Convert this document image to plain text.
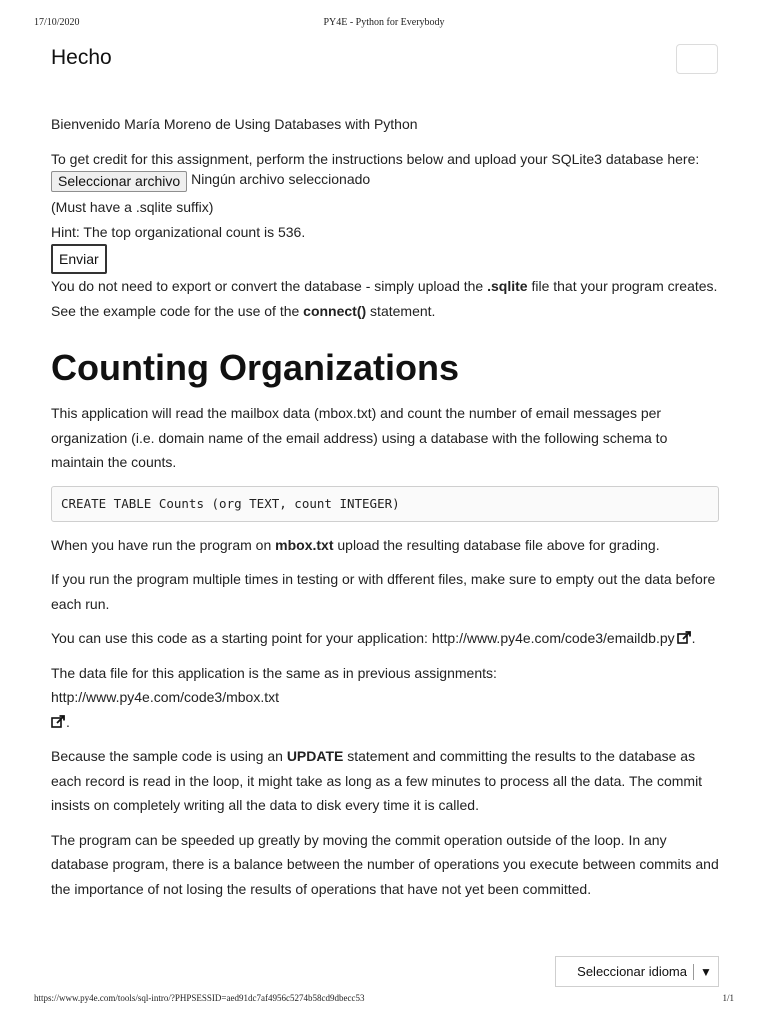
17/10/2020	PY4E - Python for Everybody
Hecho

Bienvenido María Moreno de Using Databases with Python

To get credit for this assignment, perform the instructions below and upload your SQLite3 database here:

Seleccionar archivo Ningún archivo seleccionado

(Must have a .sqlite suffix)

Hint: The top organizational count is 536.

Enviar

You do not need to export or convert the database - simply upload the .sqlite file that your program creates.

See the example code for the use of the connect() statement.

Counting Organizations

This application will read the mailbox data (mbox.txt) and count the number of email messages per organization (i.e. domain name of the email address) using a database with the following schema to maintain the counts.

CREATE TABLE Counts (org TEXT, count INTEGER)

When you have run the program on mbox.txt upload the resulting database file above for grading.

If you run the program multiple times in testing or with dfferent files, make sure to empty out the data before each run.

You can use this code as a starting point for your application: http://www.py4e.com/code3/emaildb.py .

The data file for this application is the same as in previous assignments: http://www.py4e.com/code3/mbox.txt
.

Because the sample code is using an UPDATE statement and committing the results to the database as each record is read in the loop, it might take as long as a few minutes to process all the data. The commit insists on completely writing all the data to disk every time it is called.

The program can be speeded up greatly by moving the commit operation outside of the loop. In any database program, there is a balance between the number of operations you execute between commits and the importance of not losing the results of operations that have not yet been committed.

Seleccionar idioma	▼
https://www.py4e.com/tools/sql-intro/?PHPSESSID=aed91dc7af4956c5274b58cd9dbecc53	1/1
